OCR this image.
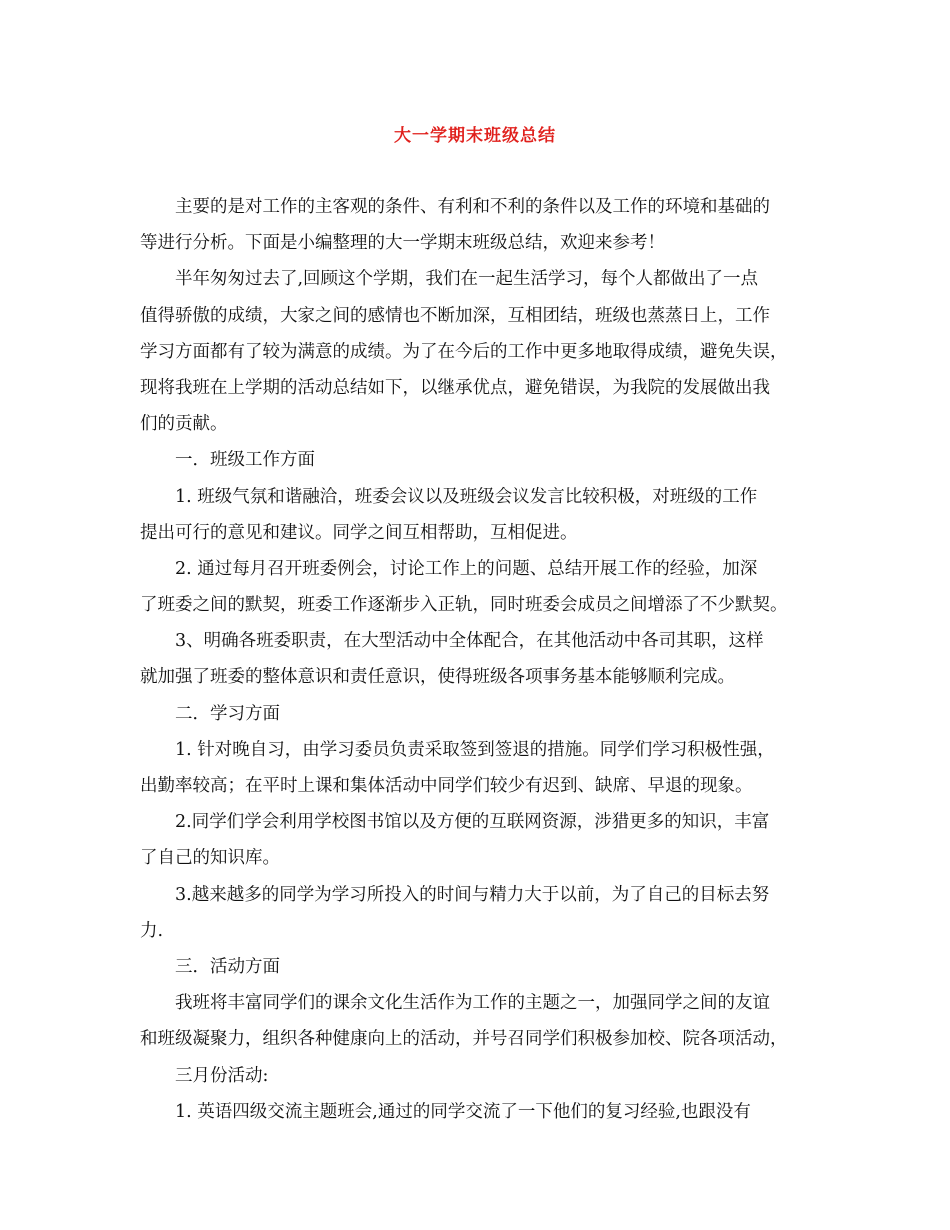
大一学期末班级总结
主要的是对工作的主客观的条件、有利和不利的条件以及工作的环境和基础的
等进行分析。下面是小编整理的大一学期末班级总结，欢迎来参考！
半年匆匆过去了,回顾这个学期，我们在一起生活学习，每个人都做出了一点
值得骄傲的成绩，大家之间的感情也不断加深，互相团结，班级也蒸蒸日上，工作
学习方面都有了较为满意的成绩。为了在今后的工作中更多地取得成绩，避免失误，
现将我班在上学期的活动总结如下，以继承优点，避免错误，为我院的发展做出我
们的贡献。
一．班级工作方面
1. 班级气氛和谐融洽，班委会议以及班级会议发言比较积极，对班级的工作
提出可行的意见和建议。同学之间互相帮助，互相促进。
2. 通过每月召开班委例会，讨论工作上的问题、总结开展工作的经验，加深
了班委之间的默契，班委工作逐渐步入正轨，同时班委会成员之间增添了不少默契。
3、明确各班委职责，在大型活动中全体配合，在其他活动中各司其职，这样
就加强了班委的整体意识和责任意识，使得班级各项事务基本能够顺利完成。
二．学习方面
1. 针对晚自习，由学习委员负责采取签到签退的措施。同学们学习积极性强，
出勤率较高；在平时上课和集体活动中同学们较少有迟到、缺席、早退的现象。
2.同学们学会利用学校图书馆以及方便的互联网资源，涉猎更多的知识，丰富
了自己的知识库。
3.越来越多的同学为学习所投入的时间与精力大于以前，为了自己的目标去努
力.
三．活动方面
我班将丰富同学们的课余文化生活作为工作的主题之一，加强同学之间的友谊
和班级凝聚力，组织各种健康向上的活动，并号召同学们积极参加校、院各项活动，
三月份活动:
1. 英语四级交流主题班会,通过的同学交流了一下他们的复习经验,也跟没有
